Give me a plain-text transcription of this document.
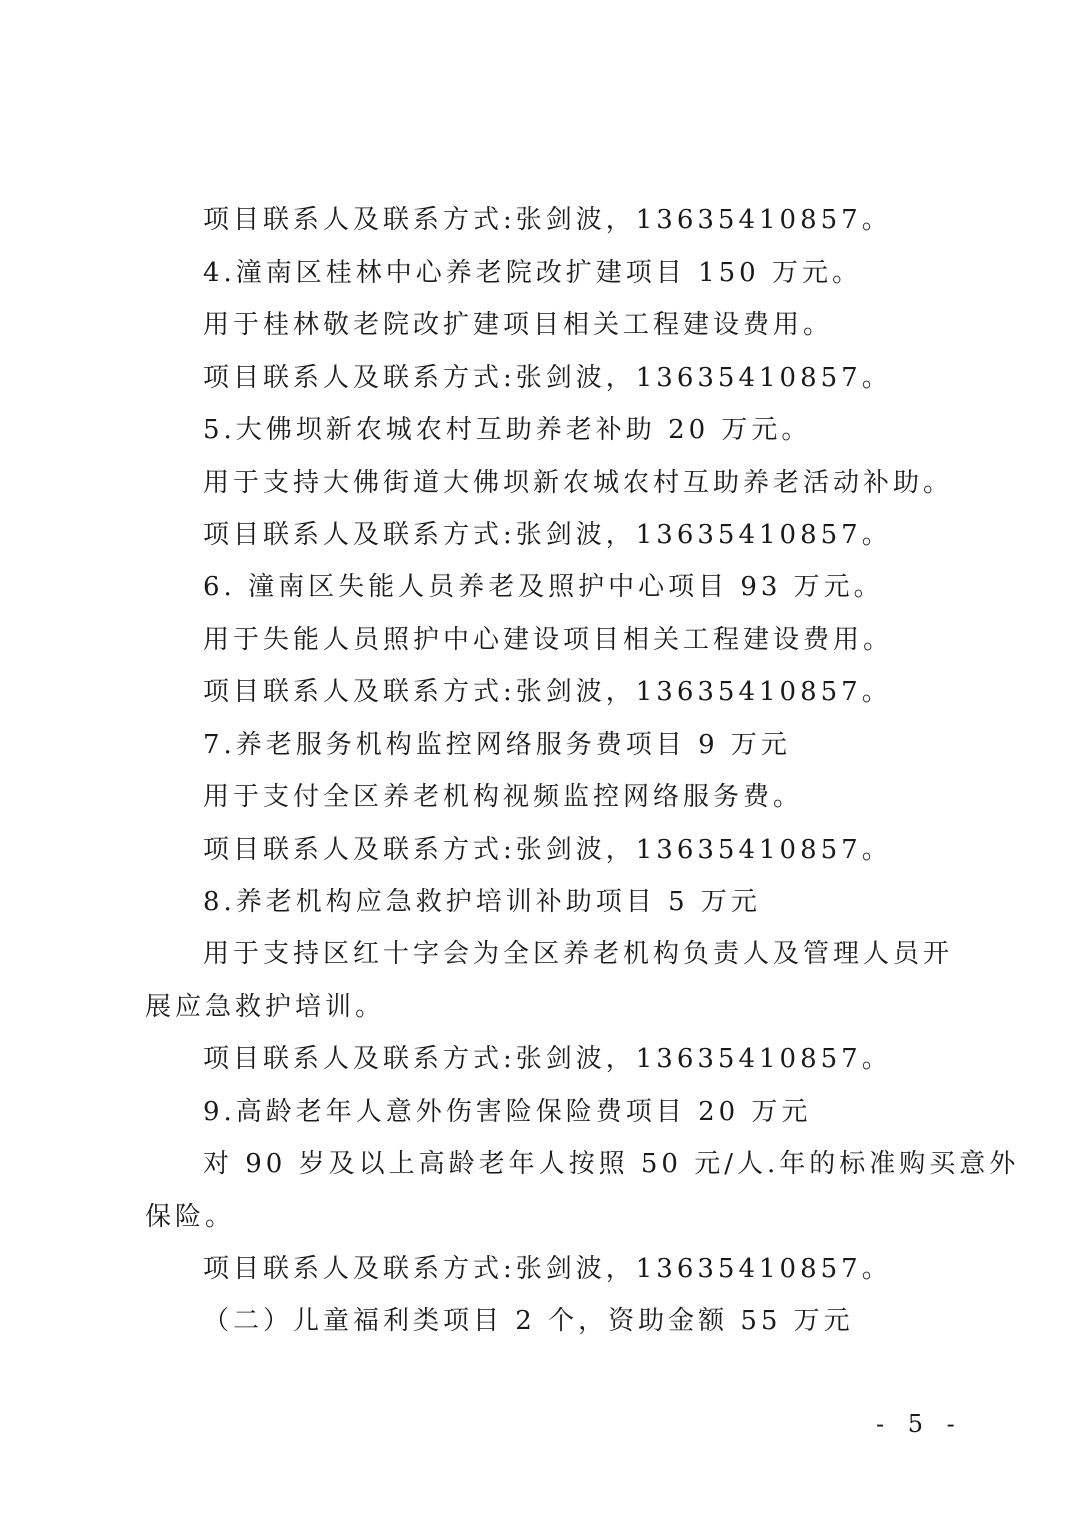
项目联系人及联系方式:张剑波，13635410857。
4.潼南区桂林中心养老院改扩建项目 150 万元。
用于桂林敬老院改扩建项目相关工程建设费用。
项目联系人及联系方式:张剑波，13635410857。
5.大佛坝新农城农村互助养老补助 20 万元。
用于支持大佛街道大佛坝新农城农村互助养老活动补助。
项目联系人及联系方式:张剑波，13635410857。
6. 潼南区失能人员养老及照护中心项目 93 万元。
用于失能人员照护中心建设项目相关工程建设费用。
项目联系人及联系方式:张剑波，13635410857。
7.养老服务机构监控网络服务费项目 9 万元
用于支付全区养老机构视频监控网络服务费。
项目联系人及联系方式:张剑波，13635410857。
8.养老机构应急救护培训补助项目 5 万元
用于支持区红十字会为全区养老机构负责人及管理人员开
展应急救护培训。
项目联系人及联系方式:张剑波，13635410857。
9.高龄老年人意外伤害险保险费项目 20 万元
对 90 岁及以上高龄老年人按照 50 元/人.年的标准购买意外
保险。
项目联系人及联系方式:张剑波，13635410857。
（二）儿童福利类项目 2 个，资助金额 55 万元
- 5 -
